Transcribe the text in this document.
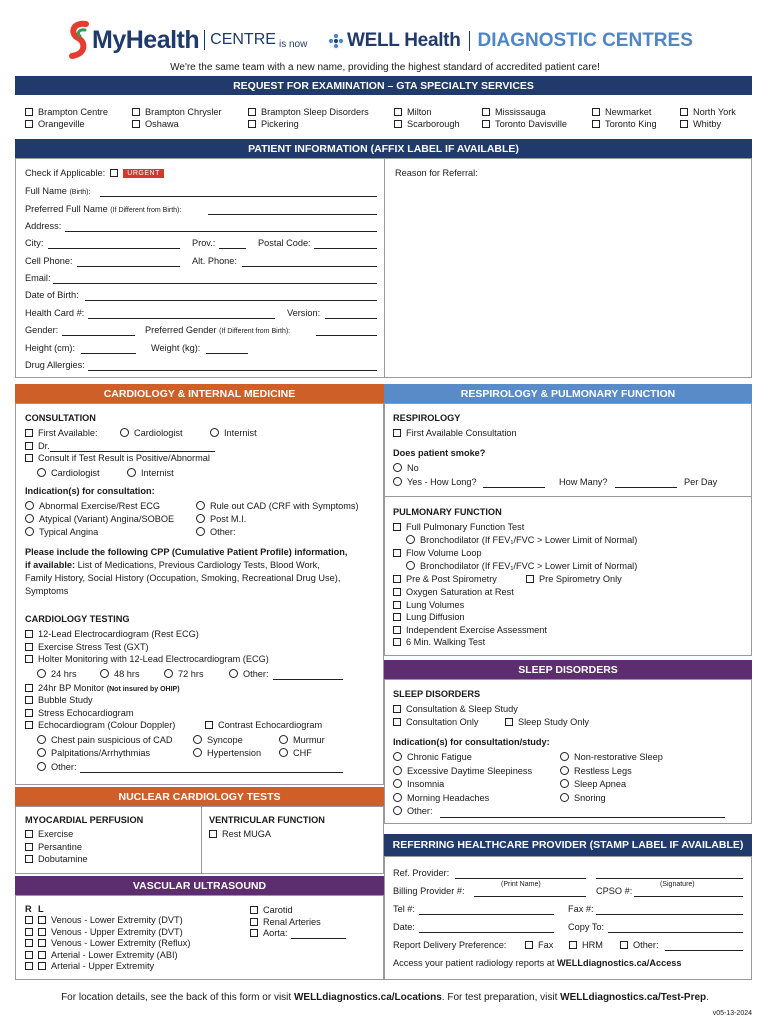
MyHealth CENTRE is now WELL Health DIAGNOSTIC CENTRES
We're the same team with a new name, providing the highest standard of accredited patient care!
REQUEST FOR EXAMINATION – GTA SPECIALTY SERVICES
Brampton Centre
Orangeville
Brampton Chrysler
Oshawa
Brampton Sleep Disorders
Pickering
Milton
Scarborough
Mississauga
Toronto Davisville
Newmarket
Toronto King
North York
Whitby
PATIENT INFORMATION (AFFIX LABEL IF AVAILABLE)
Check if Applicable:	URGENT
Full Name (Birth):
Preferred Full Name (If Different from Birth):
Address:
City:	Prov.:	Postal Code:
Cell Phone:	Alt. Phone:
Email:
Date of Birth:
Health Card #:	Version:
Gender:	Preferred Gender (If Different from Birth):
Height (cm):	Weight (kg):
Drug Allergies:
Reason for Referral:
CARDIOLOGY & INTERNAL MEDICINE
CONSULTATION
First Available:	Cardiologist	Internist
Dr.
Consult if Test Result is Positive/Abnormal
Cardiologist	Internist
Indication(s) for consultation:
Abnormal Exercise/Rest ECG
Atypical (Variant) Angina/SOBOE
Typical Angina
Rule out CAD (CRF with Symptoms)
Post M.I.
Other:
Please include the following CPP (Cumulative Patient Profile) information,
if available: List of Medications, Previous Cardiology Tests, Blood Work,
Family History, Social History (Occupation, Smoking, Recreational Drug Use),
Symptoms
CARDIOLOGY TESTING
12-Lead Electrocardiogram (Rest ECG)
Exercise Stress Test (GXT)
Holter Monitoring with 12-Lead Electrocardiogram (ECG)
24 hrs	48 hrs	72 hrs	Other:
24hr BP Monitor (Not insured by OHIP)
Bubble Study
Stress Echocardiogram
Echocardiogram (Colour Doppler)	Contrast Echocardiogram
Chest pain suspicious of CAD	Syncope	Murmur
Palpitations/Arrhythmias	Hypertension	CHF
Other:
NUCLEAR CARDIOLOGY TESTS
MYOCARDIAL PERFUSION
Exercise
Persantine
Dobutamine
VENTRICULAR FUNCTION
Rest MUGA
VASCULAR ULTRASOUND
R L
Venous - Lower Extremity (DVT)
Venous - Upper Extremity (DVT)
Venous - Lower Extremity (Reflux)
Arterial - Lower Extremity (ABI)
Arterial - Upper Extremity
Carotid
Renal Arteries
Aorta:
RESPIROLOGY & PULMONARY FUNCTION
RESPIROLOGY
First Available Consultation
Does patient smoke?
No
Yes - How Long?	How Many?	Per Day
PULMONARY FUNCTION
Full Pulmonary Function Test
Bronchodilator (If FEV₁/FVC > Lower Limit of Normal)
Flow Volume Loop
Bronchodilator (If FEV₁/FVC > Lower Limit of Normal)
Pre & Post Spirometry	Pre Spirometry Only
Oxygen Saturation at Rest
Lung Volumes
Lung Diffusion
Independent Exercise Assessment
6 Min. Walking Test
SLEEP DISORDERS
SLEEP DISORDERS
Consultation & Sleep Study
Consultation Only	Sleep Study Only
Indication(s) for consultation/study:
Chronic Fatigue
Excessive Daytime Sleepiness
Insomnia
Morning Headaches
Other:
Non-restorative Sleep
Restless Legs
Sleep Apnea
Snoring
REFERRING HEALTHCARE PROVIDER (STAMP LABEL IF AVAILABLE)
Ref. Provider:
(Print Name)	(Signature)
Billing Provider #:	CPSO #:
Tel #:	Fax #:
Date:	Copy To:
Report Delivery Preference:	Fax	HRM	Other:
Access your patient radiology reports at WELLdiagnostics.ca/Access
For location details, see the back of this form or visit WELLdiagnostics.ca/Locations. For test preparation, visit WELLdiagnostics.ca/Test-Prep.
v05-13-2024
